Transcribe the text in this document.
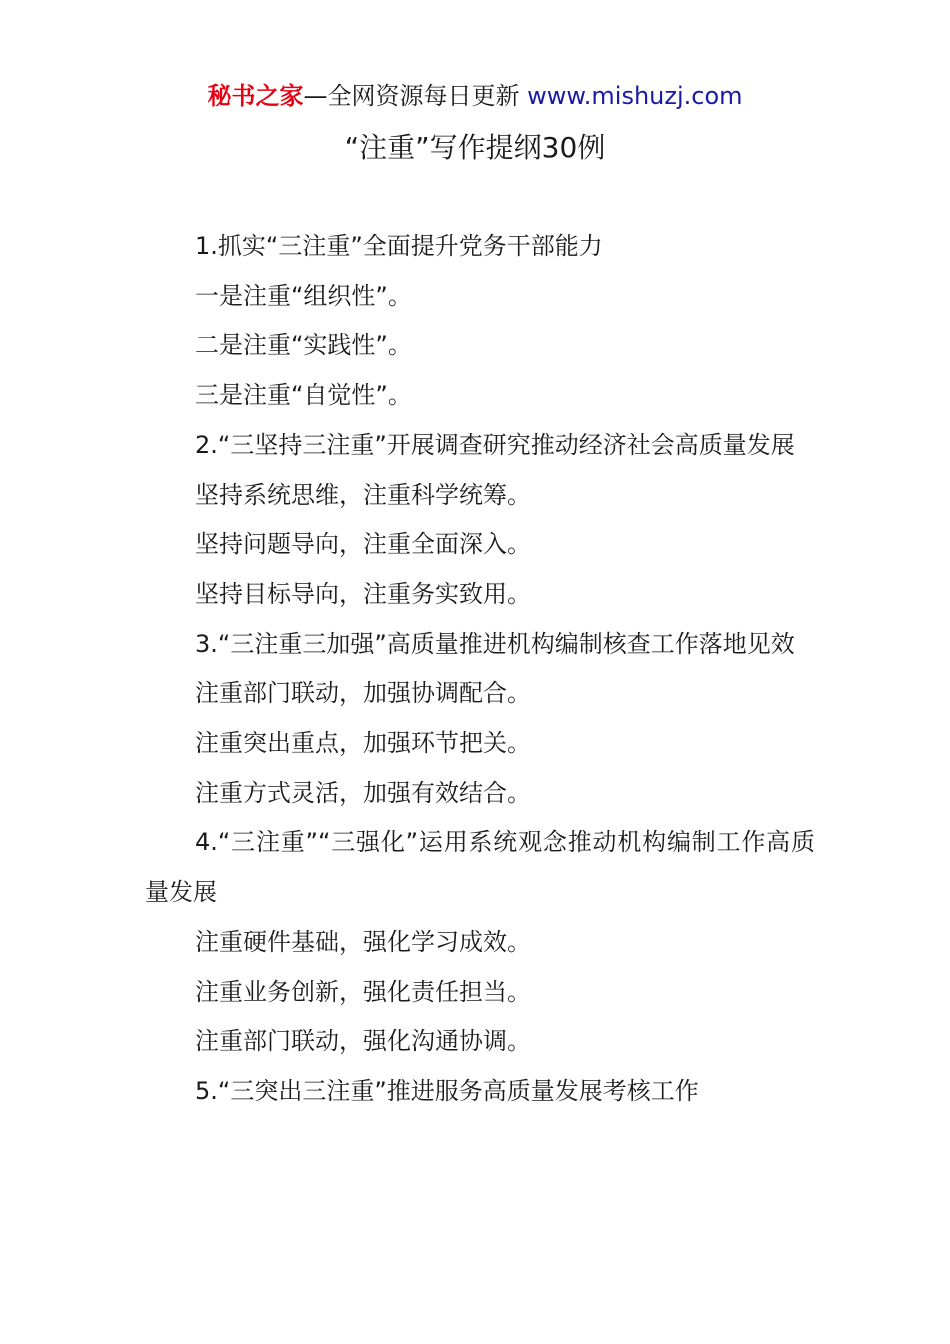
秘书之家—全网资源每日更新 www.mishuzj.com
“注重”写作提纲30例

1.抓实“三注重”全面提升党务干部能力

一是注重“组织性”。

二是注重“实践性”。

三是注重“自觉性”。

2.“三坚持三注重”开展调查研究推动经济社会高质量发展

坚持系统思维，注重科学统筹。

坚持问题导向，注重全面深入。

坚持目标导向，注重务实致用。

3.“三注重三加强”高质量推进机构编制核查工作落地见效

注重部门联动，加强协调配合。

注重突出重点，加强环节把关。

注重方式灵活，加强有效结合。

4.“三注重”“三强化”运用系统观念推动机构编制工作高质量发展

注重硬件基础，强化学习成效。

注重业务创新，强化责任担当。

注重部门联动，强化沟通协调。

5.“三突出三注重”推进服务高质量发展考核工作
